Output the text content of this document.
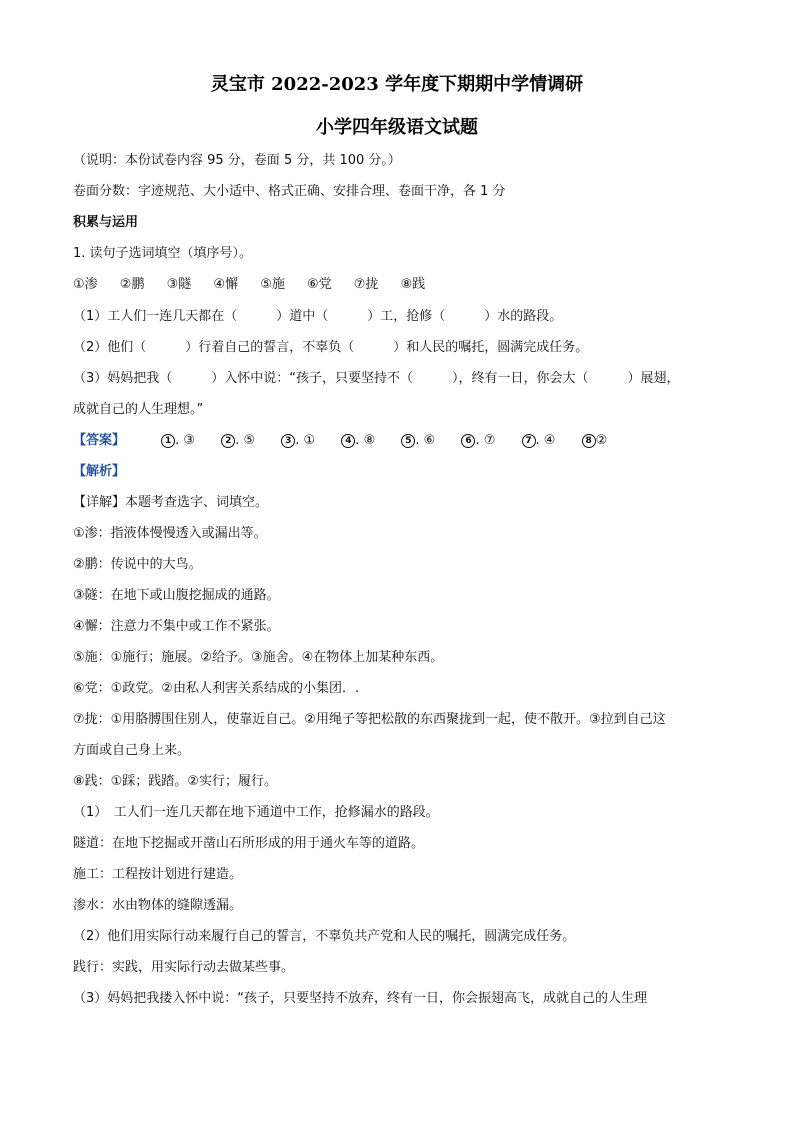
灵宝市 2022-2023 学年度下期期中学情调研
小学四年级语文试题
（说明：本份试卷内容 95 分，卷面 5 分，共 100 分。）
卷面分数：字迹规范、大小适中、格式正确、安排合理、卷面干净，各 1 分
积累与运用
1. 读句子选词填空（填序号）。
①渗 ②鹏 ③隧 ④懈 ⑤施 ⑥党 ⑦拢 ⑧践
（1）工人们一连几天都在（　　　）道中（　　　）工，抢修（　　　）水的路段。
（2）他们（　　　）行着自己的誓言，不辜负（　　　）和人民的嘱托，圆满完成任务。
（3）妈妈把我（　　　）入怀中说：“孩子，只要坚持不（　　　），终有一日，你会大（　　　）展翅，
成就自己的人生理想。”
【答案】	1 . ③	2 . ⑤	3 . ①	4 . ⑧	5 . ⑥	6 . ⑦	7 . ④	8②
【解析】
【详解】本题考查选字、词填空。
①渗：指液体慢慢透入或漏出等。
②鹏：传说中的大鸟。
③隧：在地下或山腹挖掘成的通路。
④懈：注意力不集中或工作不紧张。
⑤施：①施行；施展。②给予。③施舍。④在物体上加某种东西。
⑥党：①政党。②由私人利害关系结成的小集团．.
⑦拢：①用胳膊围住别人，使靠近自己。②用绳子等把松散的东西聚拢到一起，使不散开。③拉到自己这
方面或自己身上来。
⑧践：①踩；践踏。②实行；履行。
（1）　工人们一连几天都在地下通道中工作，抢修漏水的路段。
隧道：在地下挖掘或开凿山石所形成的用于通火车等的道路。
施工：工程按计划进行建造。
渗水：水由物体的缝隙透漏。
（2）他们用实际行动来履行自己的誓言，不辜负共产党和人民的嘱托，圆满完成任务。
践行：实践，用实际行动去做某些事。
（3）妈妈把我搂入怀中说：“孩子，只要坚持不放弃，终有一日，你会振翅高飞，成就自己的人生理
